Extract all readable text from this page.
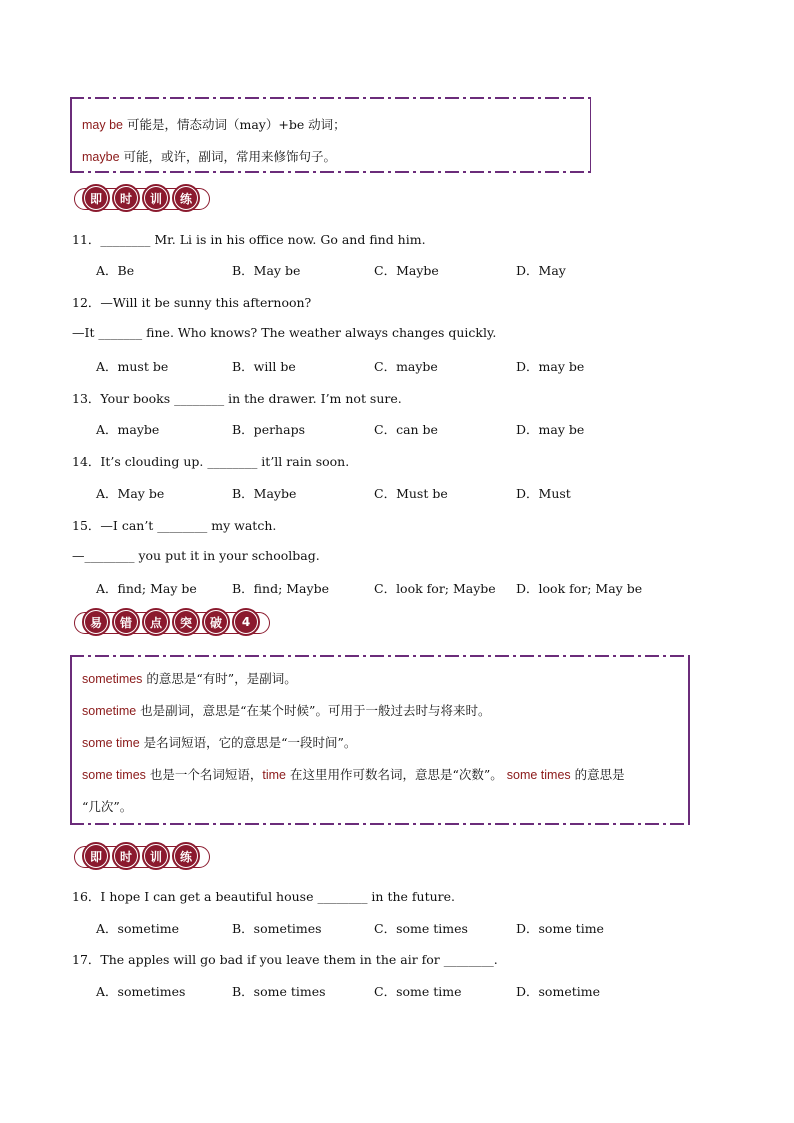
may be 可能是，情态动词（may）+be 动词；
maybe 可能，或许，副词，常用来修饰句子。
即	时	训	练
11．________ Mr. Li is in his office now. Go and find him.
A．Be	B．May be	C．Maybe	D．May
12．—Will it be sunny this afternoon?
—It _______ fine. Who knows? The weather always changes quickly.
A．must be	B．will be	C．maybe	D．may be
13．Your books ________ in the drawer. I’m not sure.
A．maybe	B．perhaps	C．can be	D．may be
14．It’s clouding up. ________ it’ll rain soon.
A．May be	B．Maybe	C．Must be	D．Must
15．—I can’t ________ my watch.
—________ you put it in your schoolbag.
A．find; May be	B．find; Maybe	C．look for; Maybe D．look for; May be
易	错	点	突	破	4
sometimes 的意思是“有时”，是副词。
sometime 也是副词，意思是“在某个时候”。可用于一般过去时与将来时。
some time 是名词短语，它的意思是“一段时间”。
some times 也是一个名词短语，time 在这里用作可数名词，意思是“次数”。 some times 的意思是
“几次”。
即	时	训	练
16．I hope I can get a beautiful house ________ in the future.
A．sometime	B．sometimes	C．some times	D．some time
17．The apples will go bad if you leave them in the air for ________.
A．sometimes	B．some times	C．some time	D．sometime
